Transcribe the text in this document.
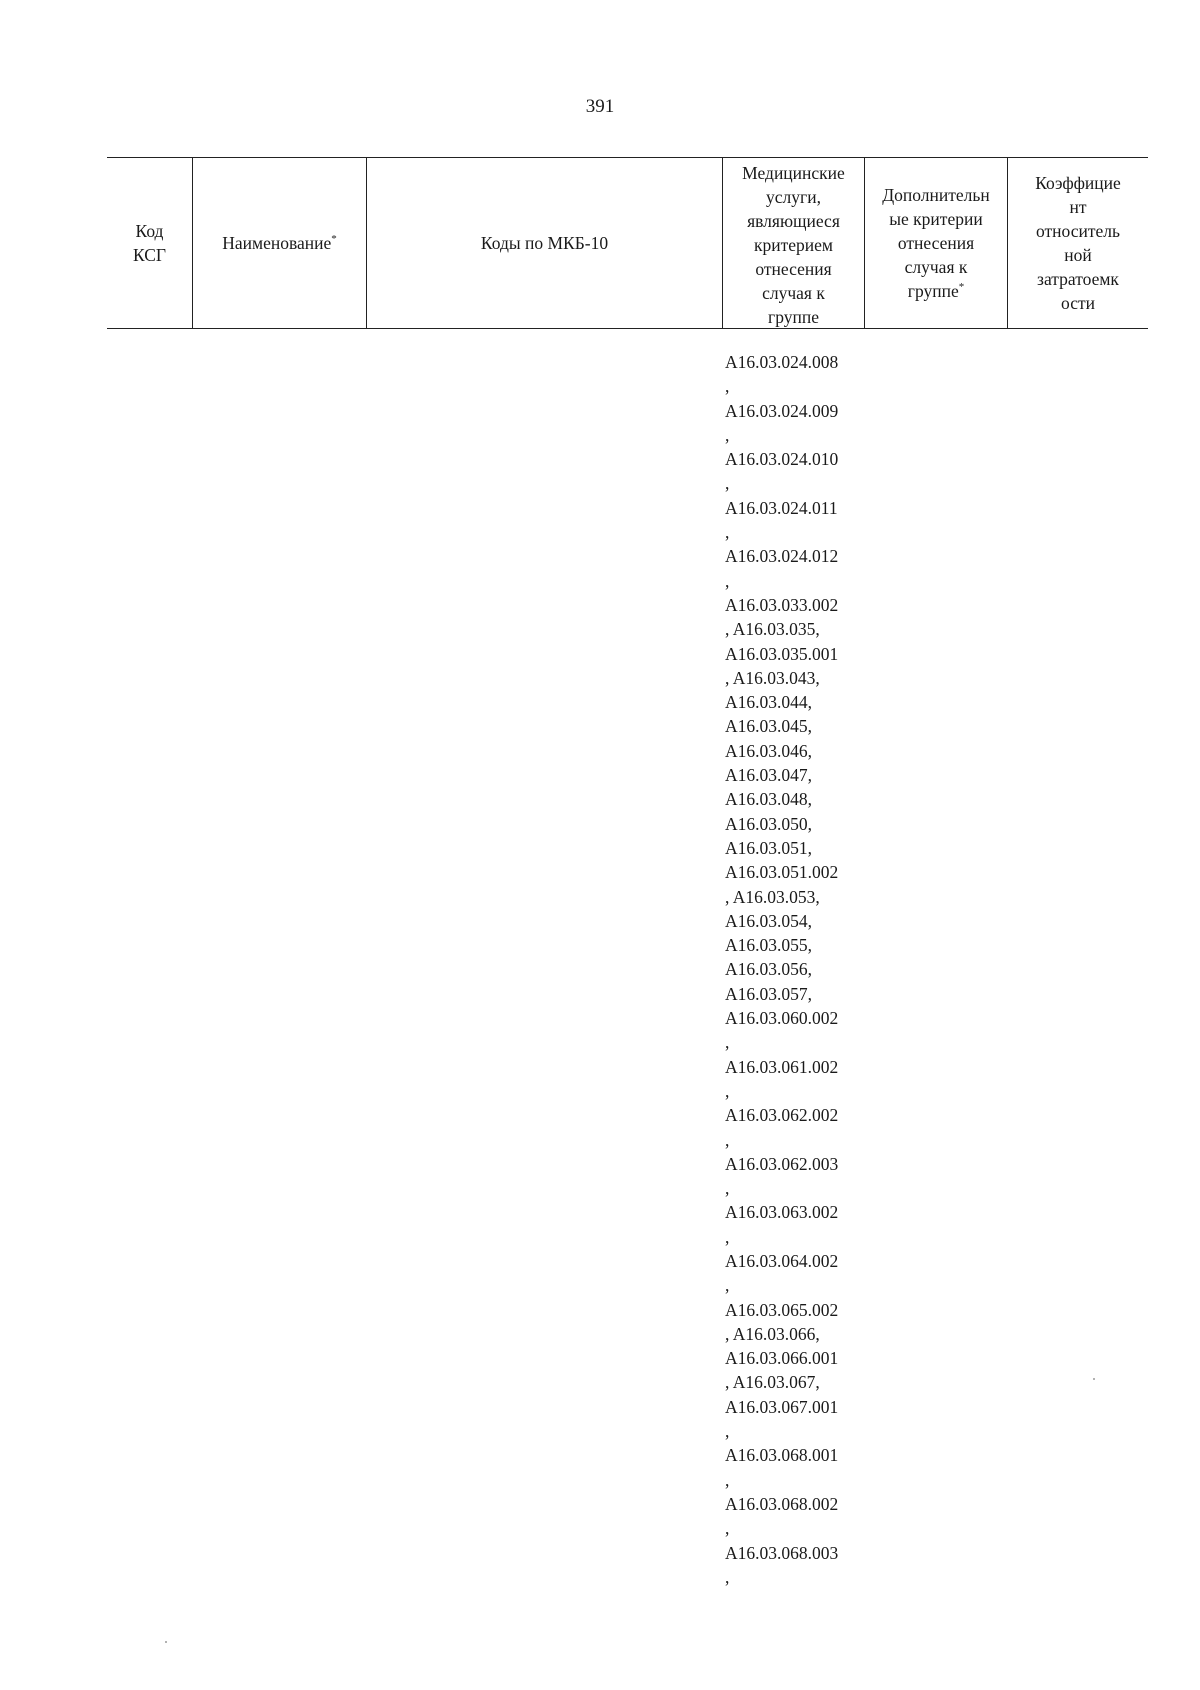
391
Код
КСГ
Наименование*	Коды по МКБ-10
Медицинские
услуги,
являющиеся
критерием
отнесения
случая к
группе
Дополнительн
ые критерии
отнесения
случая к
группе*
Коэффицие
нт
относитель
ной
затратоемк
ости
A16.03.024.008
,
A16.03.024.009
,
A16.03.024.010
,
A16.03.024.011
,
A16.03.024.012
,
A16.03.033.002
, A16.03.035,
A16.03.035.001
, A16.03.043,
A16.03.044,
A16.03.045,
A16.03.046,
A16.03.047,
A16.03.048,
A16.03.050,
A16.03.051,
A16.03.051.002
, A16.03.053,
A16.03.054,
A16.03.055,
A16.03.056,
A16.03.057,
A16.03.060.002
,
A16.03.061.002
,
A16.03.062.002
,
A16.03.062.003
,
A16.03.063.002
,
A16.03.064.002
,
A16.03.065.002
, A16.03.066,
A16.03.066.001
, A16.03.067,
A16.03.067.001
,
A16.03.068.001
,
A16.03.068.002
,
A16.03.068.003
,
